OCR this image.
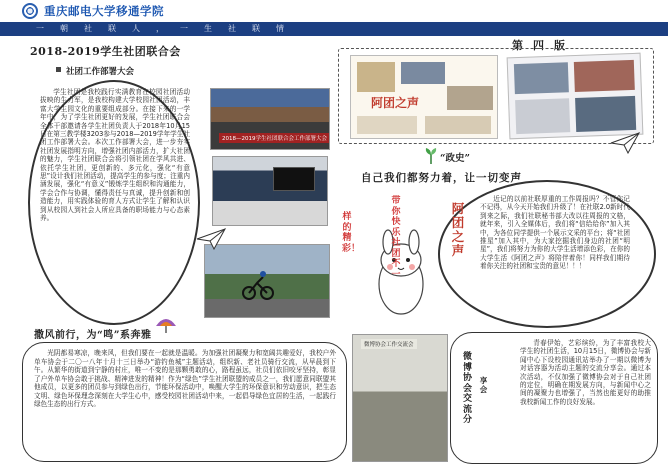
重庆邮电大学移通学院
一朝社联人，一生社联情
第四版
2018-2019学生社团联合会
社团工作部署大会
学生社团是我校践行实满教育在校园社团活动拔映的生力军，是我校构建大学校园社团活动，丰富大学生园文化的重要组成部分。在接下来的一学年中，为了学生社团更好的发展，学生社团联合会全体干部邀请各学生社团负责人于2018年10月15日在第三教学楼3203参与2018—2019学年学生社团工作部署大会。本次工作部署大会，进一步夯实社团发展指明方向，增强社团内部活力，扩大社团的魅力，学生社团联合会将引领社团在学风共进、依托学生社团，更创新的、多元化，强化“有意思”设计我们社团活动，提高学生的参与度；注重内涵发展，强化“有意义”锻炼学生组织和沟通能力，学会合作与协调，懂得责任与真诚，提升创新和创造能力，用实践体验的育人方式让学生了解和认识到从校园人到社会人所应具备的职场能力与心态素养。
2018—2019学生社团联合会工作部署大会
撒风前行，为“鸣”系奔雅
光阴都易寒凉，晚来风，但我们要在一起就是温暖。为加强社团凝聚力和宽阔共趣爱好，我校户外单车协会于二〇一八年十月十三日举办“游钓鱼城”主题活动，组织新、老社员骑行交流，从早晨到下午。从繁华的街道到宁静的村庄，唯一不变的是那颗勇敢的心，路程虽远，社员们依旧咬牙坚持，彰显了户外单车协会敢于挑战、精神进发的精神！作为“绿色”学生社团联盟的成员之一，我们愿意同联盟其他成员，以更多的团员参与到绿色出行，节能环保活动中，唤醒大学生的环保意识和劳动意识，把生态文明、绿色环保理念深刻在大学生心中，感受校园社团活动中来，一起倡导绿色宜居的生活，一起践行绿色生态的出行方式。
阿团之声
“政史”
自己我们都努力着，让一切变声
样的精彩！
带你快乐社团不一
阿团之声
近记的以前社联厚重的工作周报吗？不管你记不记得，从今天开始我们升级了！在社联2.0新时代到来之际，我们社联秘书部大改以往周报的文格，就年来，引入全媒体后，我们将“信给给你”加入其中，为各位同学提供一个展示文采的平台；将“社团推星”加入其中，为大家挖掘我们身边的社团“明星”，我们将努力为你的大学生活增添色彩，在你的大学生活《阿团之声》将陪伴着你！同样我们期待着你关注的社团和宝贵的意见！！！
微博协会工作交流会
微博协会交流分
享会
青春伊始，艺彩缤纷，为了丰富我校大学生的社团生活，10月15日，微博协会与新闻中心下设校园通讯站举办了一期以微博为对话容器为活动主题的交流分享会。通过本次活动，不仅加强了微博协会对于自己社团的定位，明确在期发展方向，与新闻中心之间的凝聚力也增强了，当然也能更好的助推我校新闻工作的良好发展。
